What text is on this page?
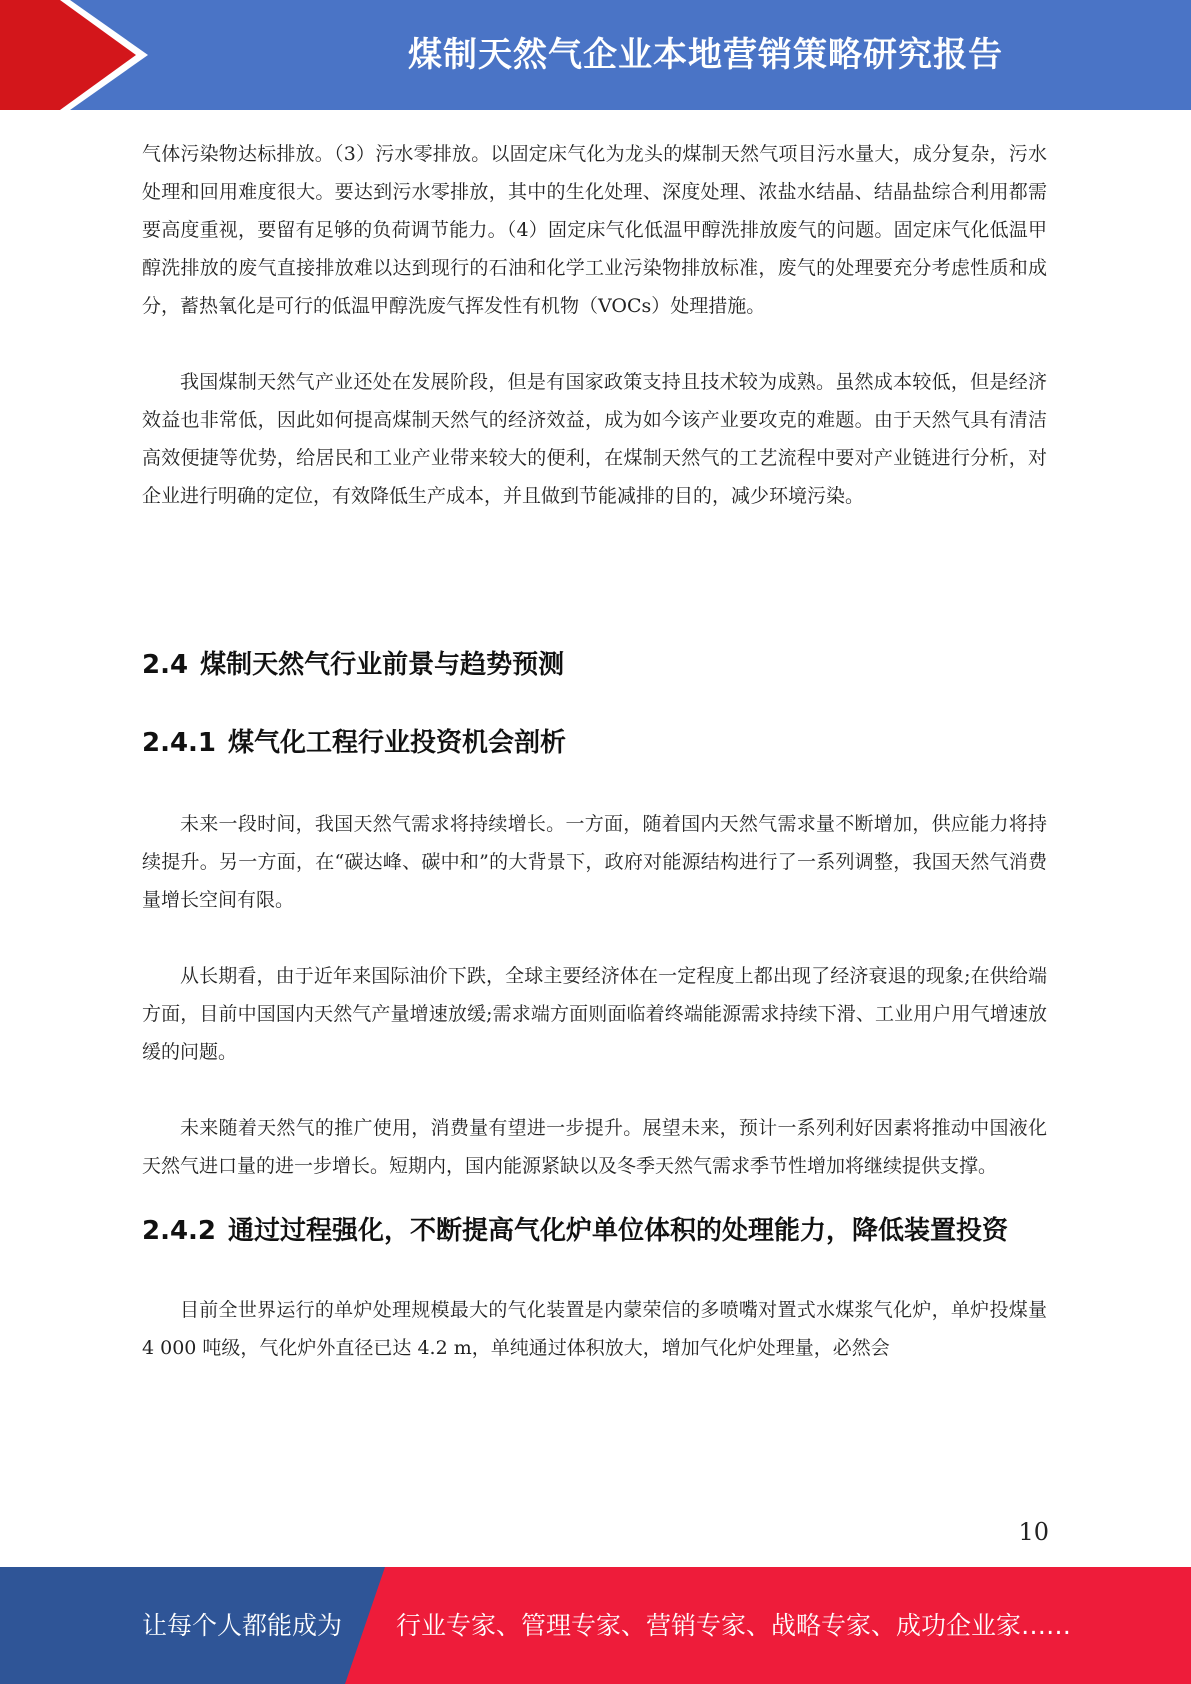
煤制天然气企业本地营销策略研究报告

气体污染物达标排放。（3）污水零排放。以固定床气化为龙头的煤制天然气项目污水量大，成分复杂，污水处理和回用难度很大。要达到污水零排放，其中的生化处理、深度处理、浓盐水结晶、结晶盐综合利用都需要高度重视，要留有足够的负荷调节能力。（4）固定床气化低温甲醇洗排放废气的问题。固定床气化低温甲醇洗排放的废气直接排放难以达到现行的石油和化学工业污染物排放标准，废气的处理要充分考虑性质和成分，蓄热氧化是可行的低温甲醇洗废气挥发性有机物（VOCs）处理措施。

我国煤制天然气产业还处在发展阶段，但是有国家政策支持且技术较为成熟。虽然成本较低，但是经济效益也非常低，因此如何提高煤制天然气的经济效益，成为如今该产业要攻克的难题。由于天然气具有清洁高效便捷等优势，给居民和工业产业带来较大的便利，在煤制天然气的工艺流程中要对产业链进行分析，对企业进行明确的定位，有效降低生产成本，并且做到节能减排的目的，减少环境污染。

2.4 煤制天然气行业前景与趋势预测
2.4.1 煤气化工程行业投资机会剖析

未来一段时间，我国天然气需求将持续增长。一方面，随着国内天然气需求量不断增加，供应能力将持续提升。另一方面，在“碳达峰、碳中和”的大背景下，政府对能源结构进行了一系列调整，我国天然气消费量增长空间有限。

从长期看，由于近年来国际油价下跌，全球主要经济体在一定程度上都出现了经济衰退的现象;在供给端方面，目前中国国内天然气产量增速放缓;需求端方面则面临着终端能源需求持续下滑、工业用户用气增速放缓的问题。

未来随着天然气的推广使用，消费量有望进一步提升。展望未来，预计一系列利好因素将推动中国液化天然气进口量的进一步增长。短期内，国内能源紧缺以及冬季天然气需求季节性增加将继续提供支撑。

2.4.2 通过过程强化，不断提高气化炉单位体积的处理能力，降低装置投资

目前全世界运行的单炉处理规模最大的气化装置是内蒙荣信的多喷嘴对置式水煤浆气化炉，单炉投煤量 4 000 吨级，气化炉外直径已达 4.2 m，单纯通过体积放大，增加气化炉处理量，必然会

10
让每个人都能成为 行业专家、管理专家、营销专家、战略专家、成功企业家……
